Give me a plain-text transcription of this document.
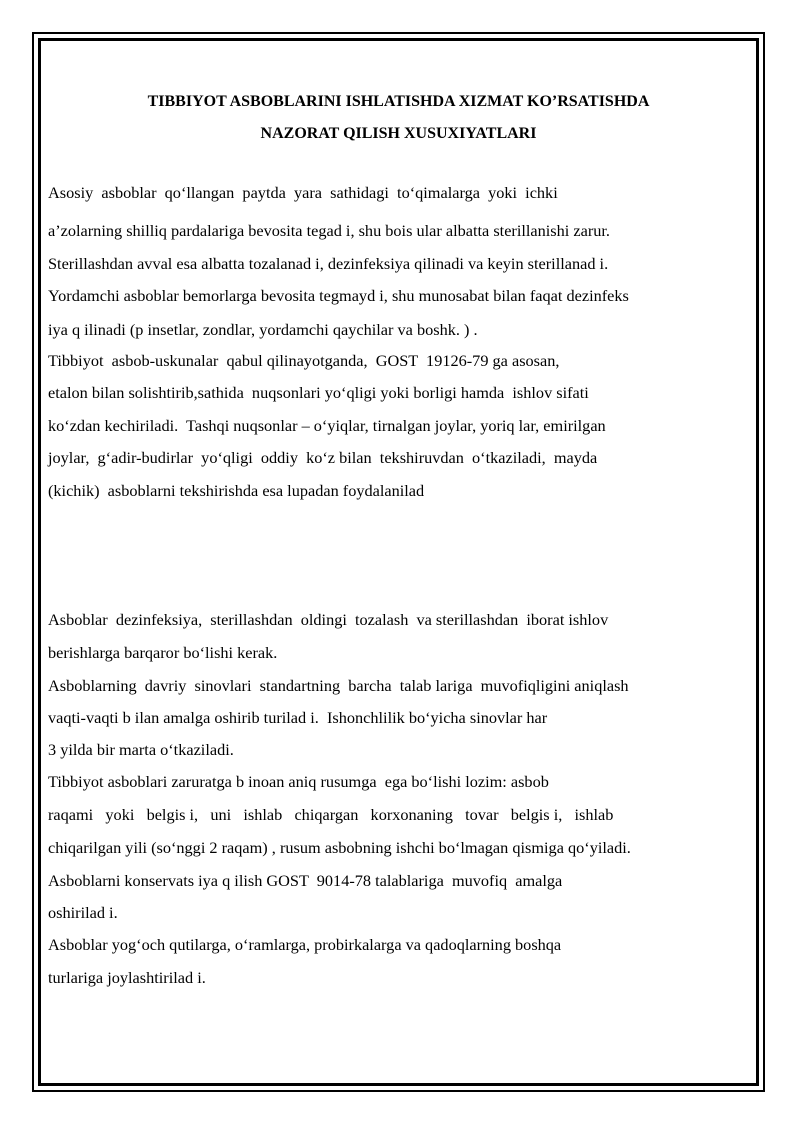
TIBBIYOT ASBOBLARINI ISHLATISHDA XIZMAT KO’RSATISHDA
NAZORAT QILISH XUSUXIYATLARI

Asosiy  asboblar  qo‘llangan  paytda  yara  sathidagi  to‘qimalarga  yoki  ichki

a’zolarning shilliq pardalariga bevosita tegad i, shu bois ular albatta sterillanishi zarur.

Sterillashdan avval esa albatta tozalanad i, dezinfeksiya qilinadi va keyin sterillanad i.

Yordamchi asboblar bemorlarga bevosita tegmayd i, shu munosabat bilan faqat dezinfeks

iya q ilinadi (p insetlar, zondlar, yordamchi qaychilar va boshk. ) .

Tibbiyot  asbob-uskunalar  qabul qilinayotganda,  GOST  19126-79 ga asosan,

etalon bilan solishtirib,sathida  nuqsonlari yo‘qligi yoki borligi hamda  ishlov sifati

ko‘zdan kechiriladi.  Tashqi nuqsonlar – o‘yiqlar, tirnalgan joylar, yoriq lar, emirilgan

joylar,  g‘adir-budirlar  yo‘qligi  oddiy  ko‘z bilan  tekshiruvdan  o‘tkaziladi,  mayda

(kichik)  asboblarni tekshirishda esa lupadan foydalanilad

Asboblar  dezinfeksiya,  sterillashdan  oldingi  tozalash  va sterillashdan  iborat ishlov

berishlarga barqaror bo‘lishi kerak.

Asboblarning  davriy  sinovlari  standartning  barcha  talab lariga  muvofiqligini aniqlash

vaqti-vaqti b ilan amalga oshirib turilad i.  Ishonchlilik bo‘yicha sinovlar har

3 yilda bir marta o‘tkaziladi.

Tibbiyot asboblari zaruratga b inoan aniq rusumga  ega bo‘lishi lozim: asbob

raqami   yoki   belgis i,   uni   ishlab   chiqargan   korxonaning   tovar   belgis i,   ishlab

chiqarilgan yili (so‘nggi 2 raqam) , rusum asbobning ishchi bo‘lmagan qismiga qo‘yiladi.

Asboblarni konservats iya q ilish GOST  9014-78 talablariga  muvofiq  amalga

oshirilad i.

Asboblar yog‘och qutilarga, o‘ramlarga, probirkalarga va qadoqlarning boshqa

turlariga joylashtirilad i.
